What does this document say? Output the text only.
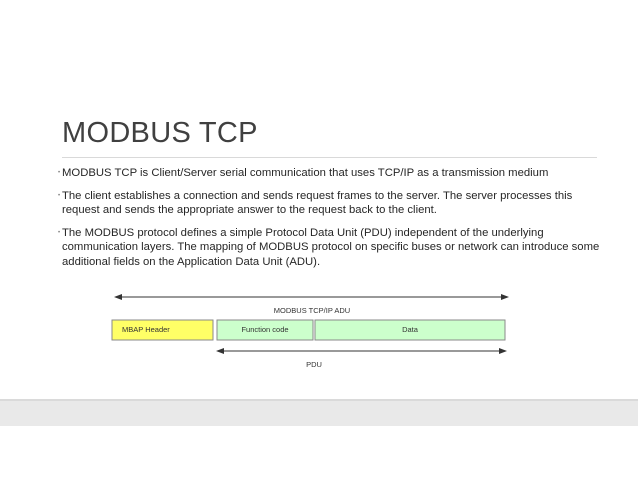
MODBUS TCP
• MODBUS TCP is Client/Server serial communication that uses TCP/IP as a transmission medium
• The client establishes a connection and sends request frames to the server. The server processes this request and sends the appropriate answer to the request back to the client.
• The MODBUS protocol defines a simple Protocol Data Unit (PDU) independent of the underlying communication layers. The mapping of MODBUS protocol on specific buses or network can introduce some additional fields on the Application Data Unit (ADU).
MODBUS TCP/IP ADU
MBAP Header	Function code	Data
PDU
